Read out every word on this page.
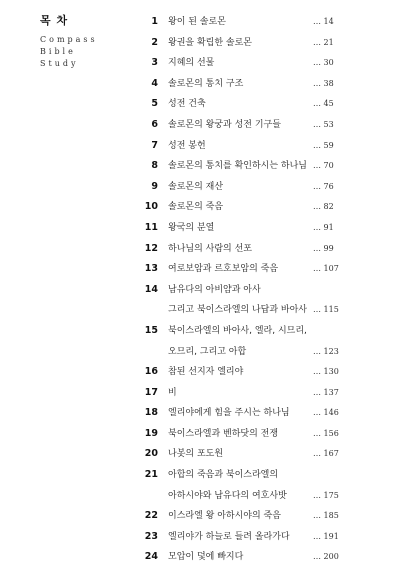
목 차
Compass
Bible
Study
1 왕이 된 솔로몬	… 14
2 왕권을 확립한 솔로몬	… 21
3 지혜의 선물	… 30
4 솔로몬의 통치 구조	… 38
5 성전 건축	… 45
6 솔로몬의 왕궁과 성전 기구들	… 53
7 성전 봉헌	… 59
8 솔로몬의 통치를 확인하시는 하나님 … 70
9 솔로몬의 재산	… 76
10 솔로몬의 죽음	… 82
11 왕국의 분열	… 91
12 하나님의 사람의 선포	… 99
13 여로보암과 르호보암의 죽음	… 107
14 남유다의 아비얌과 아사
그리고 북이스라엘의 나답과 바아사 … 115
15 북이스라엘의 바아사, 엘라, 시므리,
오므리, 그리고 아합	… 123
16 참된 선지자 엘리야	… 130
17 비	… 137
18 엘리야에게 힘을 주시는 하나님	… 146
19 북이스라엘과 벤하닷의 전쟁	… 156
20 나봇의 포도원	… 167
21 아합의 죽음과 북이스라엘의
아하시야와 남유다의 여호사밧	… 175
22 이스라엘 왕 아하시야의 죽음	… 185
23 엘리야가 하늘로 들려 올라가다	… 191
24 모압이 덫에 빠지다	… 200
